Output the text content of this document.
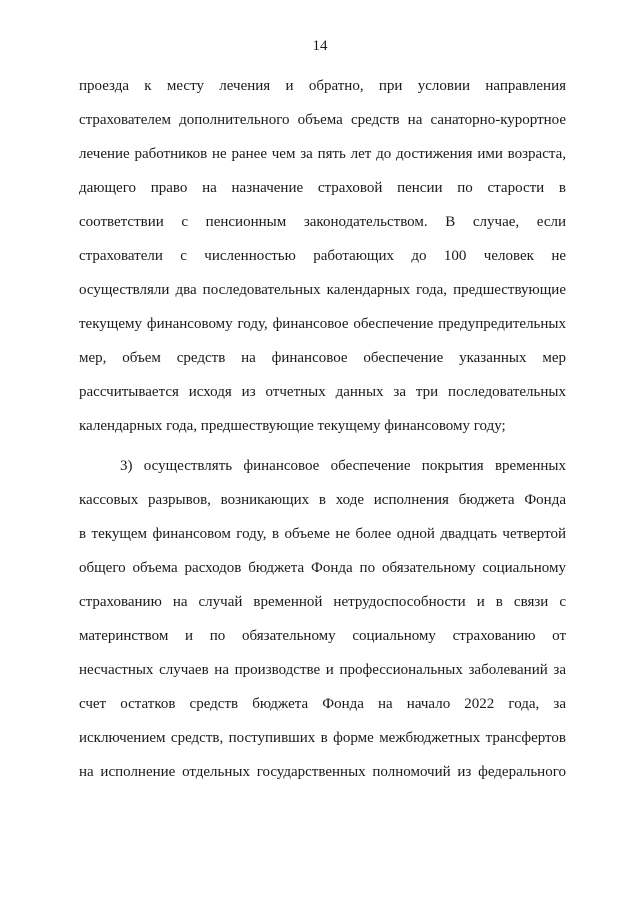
14
проезда к месту лечения и обратно, при условии направления
страхователем дополнительного объема средств на санаторно-курортное
лечение работников не ранее чем за пять лет до достижения ими возраста,
дающего право на назначение страховой пенсии по старости в
соответствии с пенсионным законодательством. В случае, если
страхователи с численностью работающих до 100 человек не
осуществляли два последовательных календарных года, предшествующие
текущему финансовому году, финансовое обеспечение предупредительных
мер, объем средств на финансовое обеспечение указанных мер
рассчитывается исходя из отчетных данных за три последовательных
календарных года, предшествующие текущему финансовому году;
3) осуществлять финансовое обеспечение покрытия временных
кассовых разрывов, возникающих в ходе исполнения бюджета Фонда
в текущем финансовом году, в объеме не более одной двадцать четвертой
общего объема расходов бюджета Фонда по обязательному социальному
страхованию на случай временной нетрудоспособности и в связи с
материнством и по обязательному социальному страхованию от
несчастных случаев на производстве и профессиональных заболеваний за
счет остатков средств бюджета Фонда на начало 2022 года, за
исключением средств, поступивших в форме межбюджетных трансфертов
на исполнение отдельных государственных полномочий из федерального
